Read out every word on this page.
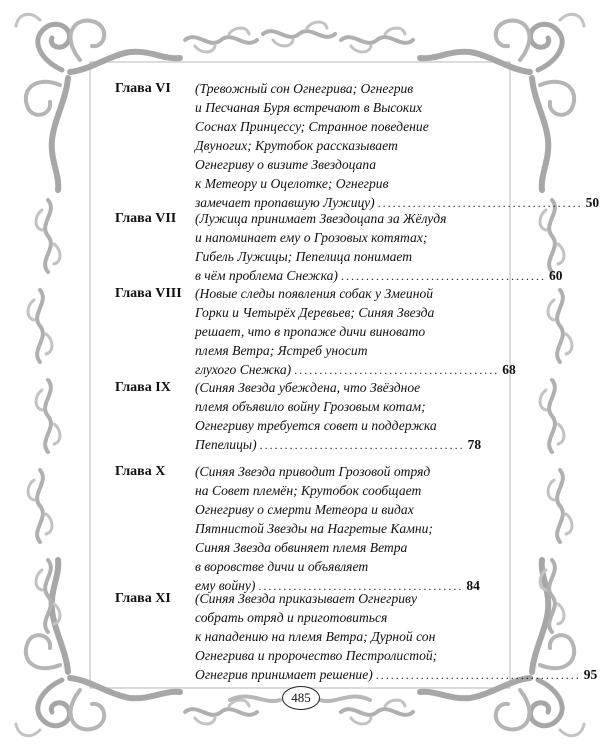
Глава VI	(Тревожный сон Огнегрива; Огнегрив
и Песчаная Буря встречают в Высоких
Соснах Принцессу; Странное поведение
Двуногих; Крутобок рассказывает
Огнегриву о визите Звездоцапа
к Метеору и Оцелотке; Огнегрив
замечает пропавшую Лужицу) ......................................... 50
Глава VII	(Лужица принимает Звездоцапа за Жёлудя
и напоминает ему о Грозовых котятах;
Гибель Лужицы; Пепелица понимает
в чём проблема Снежка) ......................................... 60
Глава VIII (Новые следы появления собак у Змеиной
Горки и Четырёх Деревьев; Синяя Звезда
решает, что в пропаже дичи виновато
племя Ветра; Ястреб уносит
глухого Снежка) ......................................... 68
Глава IX	(Синяя Звезда убеждена, что Звёздное
племя объявило войну Грозовым котам;
Огнегриву требуется совет и поддержка
Пепелицы) ......................................... 78
Глава X	(Синяя Звезда приводит Грозовой отряд
на Совет племён; Крутобок сообщает
Огнегриву о смерти Метеора и видах
Пятнистой Звезды на Нагретые Камни;
Синяя Звезда обвиняет племя Ветра
в воровстве дичи и объявляет
ему войну) ......................................... 84
Глава XI	(Синяя Звезда приказывает Огнегриву
собрать отряд и приготовиться
к нападению на племя Ветра; Дурной сон
Огнегрива и пророчество Пестролистой;
Огнегрив принимает решение) ......................................... 95
485
